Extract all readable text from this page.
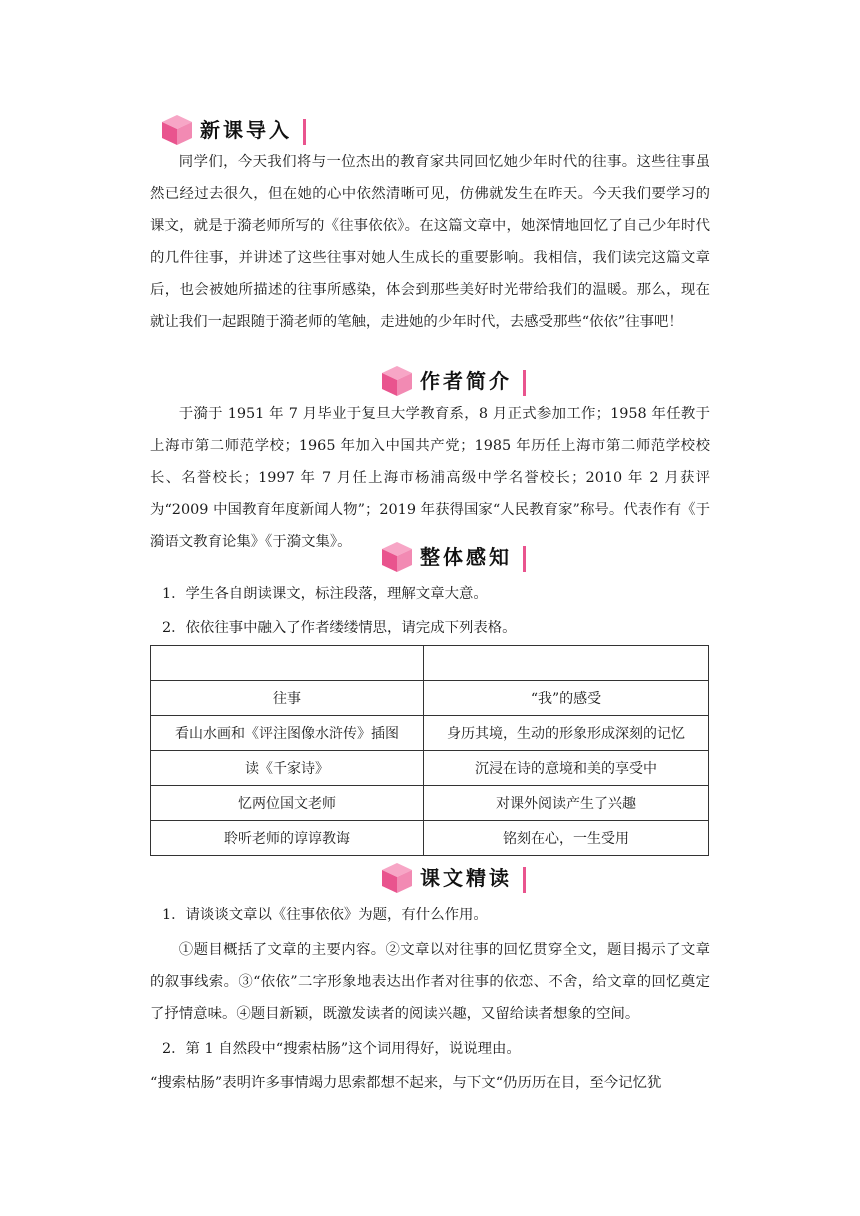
新课导入
同学们，今天我们将与一位杰出的教育家共同回忆她少年时代的往事。这些往事虽然已经过去很久，但在她的心中依然清晰可见，仿佛就发生在昨天。今天我们要学习的课文，就是于漪老师所写的《往事依依》。在这篇文章中，她深情地回忆了自己少年时代的几件往事，并讲述了这些往事对她人生成长的重要影响。我相信，我们读完这篇文章后，也会被她所描述的往事所感染，体会到那些美好时光带给我们的温暖。那么，现在就让我们一起跟随于漪老师的笔触，走进她的少年时代，去感受那些“依依”往事吧！
作者简介
于漪于 1951 年 7 月毕业于复旦大学教育系，8 月正式参加工作；1958 年任教于上海市第二师范学校；1965 年加入中国共产党；1985 年历任上海市第二师范学校校长、名誉校长；1997 年 7 月任上海市杨浦高级中学名誉校长；2010 年 2 月获评为“2009 中国教育年度新闻人物”；2019 年获得国家“人民教育家”称号。代表作有《于漪语文教育论集》《于漪文集》。
整体感知
1．学生各自朗读课文，标注段落，理解文章大意。
2．依依往事中融入了作者缕缕情思，请完成下列表格。

往事	“我”的感受
看山水画和《评注图像水浒传》插图	身历其境，生动的形象形成深刻的记忆
读《千家诗》	沉浸在诗的意境和美的享受中
忆两位国文老师	对课外阅读产生了兴趣
聆听老师的谆谆教诲	铭刻在心，一生受用
课文精读
1．请谈谈文章以《往事依依》为题，有什么作用。
①题目概括了文章的主要内容。②文章以对往事的回忆贯穿全文，题目揭示了文章的叙事线索。③“依依”二字形象地表达出作者对往事的依恋、不舍，给文章的回忆奠定了抒情意味。④题目新颖，既激发读者的阅读兴趣，又留给读者想象的空间。
2．第 1 自然段中“搜索枯肠”这个词用得好，说说理由。
“搜索枯肠”表明许多事情竭力思索都想不起来，与下文“仍历历在目，至今记忆犹
